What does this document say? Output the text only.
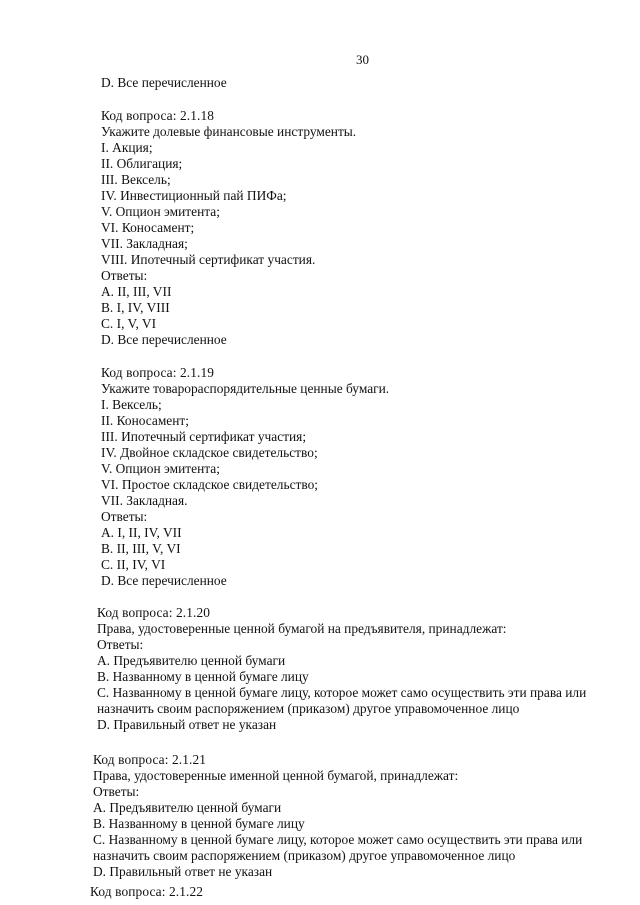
30
D. Все перечисленное
Код вопроса: 2.1.18
Укажите долевые финансовые инструменты.
I. Акция;
II. Облигация;
III. Вексель;
IV. Инвестиционный пай ПИФа;
V. Опцион эмитента;
VI. Коносамент;
VII. Закладная;
VIII. Ипотечный сертификат участия.
Ответы:
A. II, III, VII
B. I, IV, VIII
C. I, V, VI
D. Все перечисленное
Код вопроса: 2.1.19
Укажите товарораспорядительные ценные бумаги.
I. Вексель;
II. Коносамент;
III. Ипотечный сертификат участия;
IV. Двойное складское свидетельство;
V. Опцион эмитента;
VI. Простое складское свидетельство;
VII. Закладная.
Ответы:
A. I, II, IV, VII
B. II, III, V, VI
C. II, IV, VI
D. Все перечисленное
Код вопроса: 2.1.20
Права, удостоверенные ценной бумагой на предъявителя, принадлежат:
Ответы:
A. Предъявителю ценной бумаги
B. Названному в ценной бумаге лицу
C. Названному в ценной бумаге лицу, которое может само осуществить эти права или
назначить своим распоряжением (приказом) другое управомоченное лицо
D. Правильный ответ не указан
Код вопроса: 2.1.21
Права, удостоверенные именной ценной бумагой, принадлежат:
Ответы:
A. Предъявителю ценной бумаги
B. Названному в ценной бумаге лицу
C. Названному в ценной бумаге лицу, которое может само осуществить эти права или
назначить своим распоряжением (приказом) другое управомоченное лицо
D. Правильный ответ не указан
Код вопроса: 2.1.22
